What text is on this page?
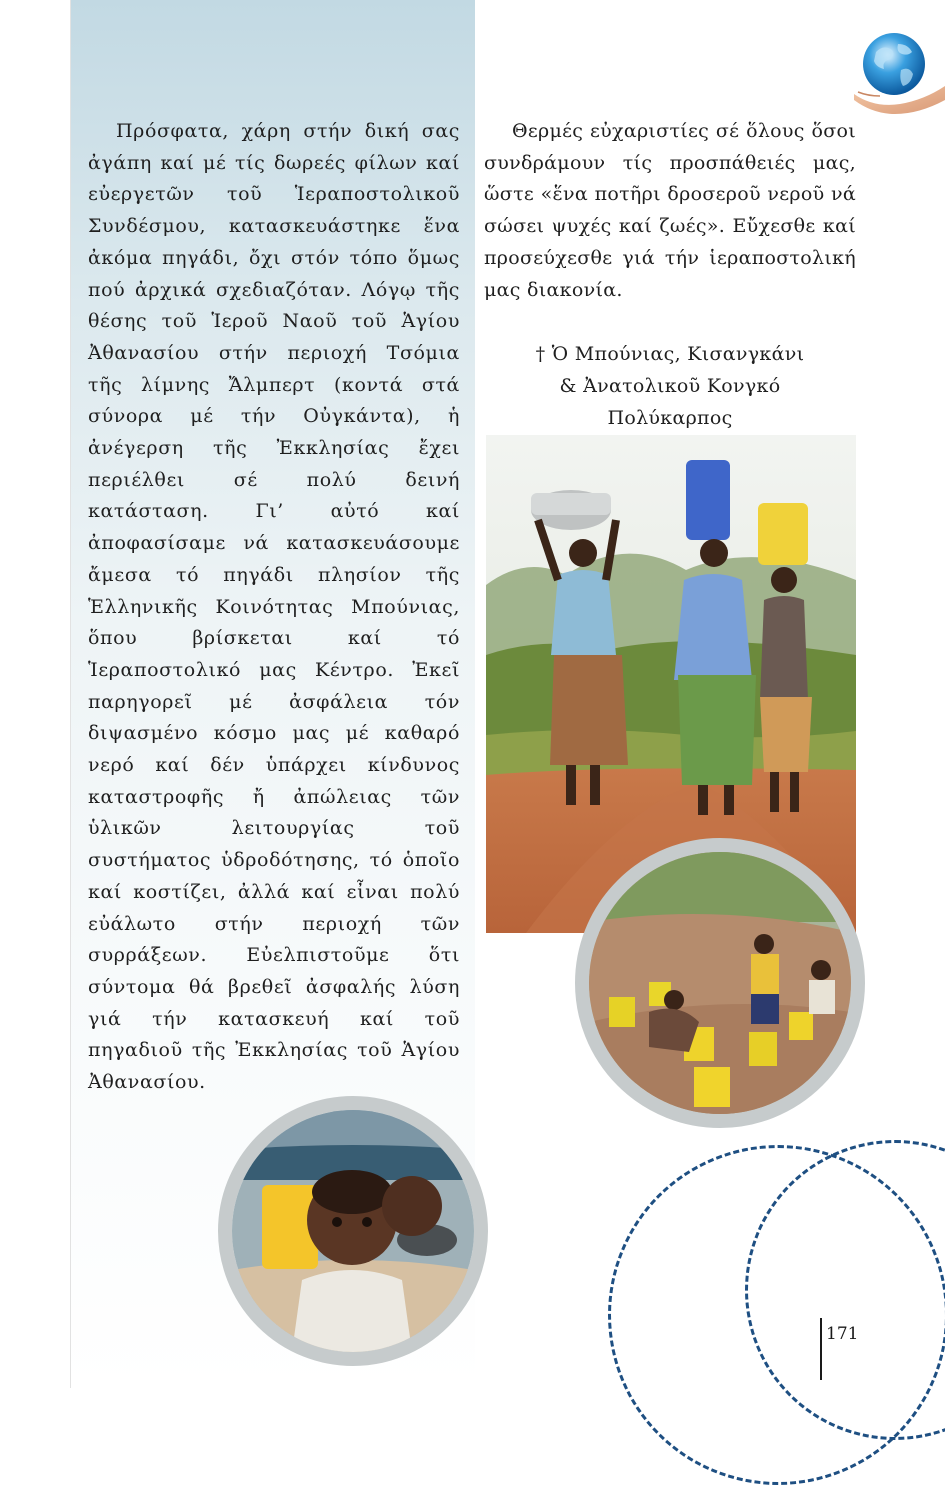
Πρόσφατα, χάρη στήν δική σας ἀγάπη καί μέ τίς δωρεές φίλων καί εὐεργετῶν τοῦ Ἱεραποστολικοῦ Συνδέσμου, κατασκευάστηκε ἕνα ἀκόμα πηγάδι, ὄχι στόν τόπο ὅμως πού ἀρχικά σχεδιαζόταν. Λόγῳ τῆς θέσης τοῦ Ἱεροῦ Ναοῦ τοῦ Ἁγίου Ἀθανασίου στήν περιοχή Τσόμια τῆς λίμνης Ἄλμπερτ (κοντά στά σύνορα μέ τήν Οὐγκάντα), ἡ ἀνέγερση τῆς Ἐκκλησίας ἔχει περιέλθει σέ πολύ δεινή κατάσταση. Γι’ αὐτό καί ἀποφασίσαμε νά κατασκευάσουμε ἄμεσα τό πηγάδι πλησίον τῆς Ἑλληνικῆς Κοινότητας Μπούνιας, ὅπου βρίσκεται καί τό Ἱεραποστολικό μας Κέντρο. Ἐκεῖ παρηγορεῖ μέ ἀσφάλεια τόν διψασμένο κόσμο μας μέ καθαρό νερό καί δέν ὑπάρχει κίνδυνος καταστροφῆς ἤ ἀπώλειας τῶν ὑλικῶν λειτουργίας τοῦ συστήματος ὑδροδότησης, τό ὁποῖο καί κοστίζει, ἀλλά καί εἶναι πολύ εὐάλωτο στήν περιοχή τῶν συρράξεων. Εὐελπιστοῦμε ὅτι σύντομα θά βρεθεῖ ἀσφαλής λύση γιά τήν κατασκευή καί τοῦ πηγαδιοῦ τῆς Ἐκκλησίας τοῦ Ἁγίου Ἀθανασίου.
Θερμές εὐχαριστίες σέ ὅλους ὅσοι συνδράμουν τίς προσπάθειές μας, ὥστε «ἕνα ποτῆρι δροσεροῦ νεροῦ νά σώσει ψυχές καί ζωές». Εὔχεσθε καί προσεύχεσθε γιά τήν ἱεραποστολική μας διακονία.
† Ὁ Μπούνιας, Κισανγκάνι
& Ἀνατολικοῦ Κονγκό
Πολύκαρπος
171
